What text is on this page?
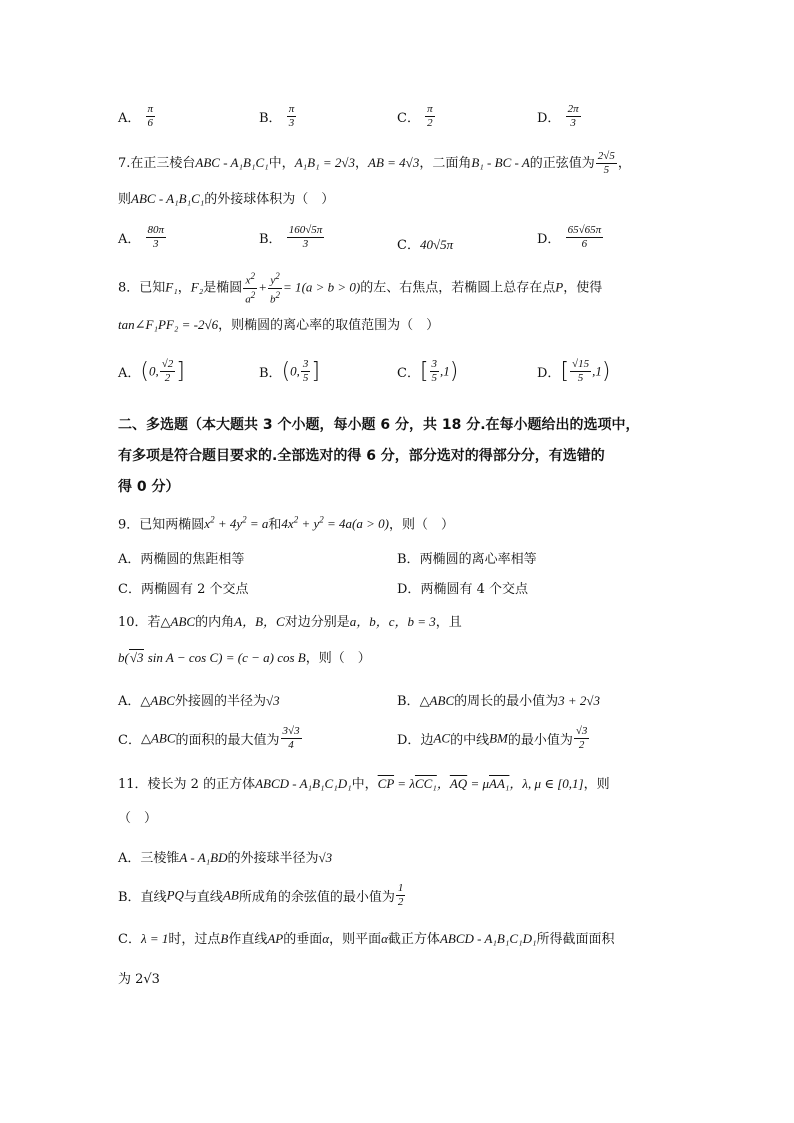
A． $\frac{\pi}{6}$	B． $\frac{\pi}{3}$	C． $\frac{\pi}{2}$	D． $\frac{2\pi}{3}$
7.在正三棱台ABC - A₁B₁C₁中，A₁B₁ = 2√3，AB = 4√3，二面角B₁ - BC - A的正弦值为 $\frac{2√5}{5}$ ，
则ABC - A₁B₁C₁的外接球体积为（　）
A． $\frac{80\pi}{3}$	B． $\frac{160√5\pi}{3}$	C．40√5π	D． $\frac{65√65\pi}{6}$
8．已知F₁，F₂是椭圆 $\frac{x^2}{a^2} + \frac{y^2}{b^2} = 1(a > b > 0)$的左、右焦点，若椭圆上总存在点P，使得
tan∠F₁PF₂ = -2√6，则椭圆的离心率的取值范围为（　）
A．(0, $\frac{√2}{2}$ ]	B．(0, $\frac{3}{5}$ ]	C．[ $\frac{3}{5} ,1$)	D．[ $\frac{√15}{5} ,1$)
二、多选题（本大题共 3 个小题，每小题 6 分，共 18 分.在每小题给出的选项中，
有多项是符合题目要求的.全部选对的得 6 分，部分选对的得部分分，有选错的
得 0 分）
9．已知两椭圆$x^2 + 4y^2 = a$和$4x^2 + y^2 = 4a(a > 0)$，则（　）
A．两椭圆的焦距相等	B．两椭圆的离心率相等
C．两椭圆有 2 个交点	D．两椭圆有 4 个交点
10．若△ABC的内角A，B，C对边分别是a，b，c，b = 3，且
b(√3 sin A − cos C) = (c − a) cos B，则（　）
A．△ABC外接圆的半径为√3	B．△ABC的周长的最小值为3 + 2√3
C．△ABC的面积的最大值为 $\frac{3√3}{4}$	D．边AC的中线BM的最小值为 $\frac{√3}{2}$
11．棱长为 2 的正方体ABCD - A₁B₁C₁D₁中，$\overline{CP} = \lambda CC_1$，$\overline{AQ} = \mu AA_1$，λ, μ ∈ [0,1]，则
（　）
A．三棱锥A - A₁BD的外接球半径为√3
B．直线PQ与直线AB所成角的余弦值的最小值为 $\frac{1}{2}$
C．λ = 1时，过点B作直线AP的垂面α，则平面α截正方体ABCD - A₁B₁C₁D₁所得截面面积
为 2√3
